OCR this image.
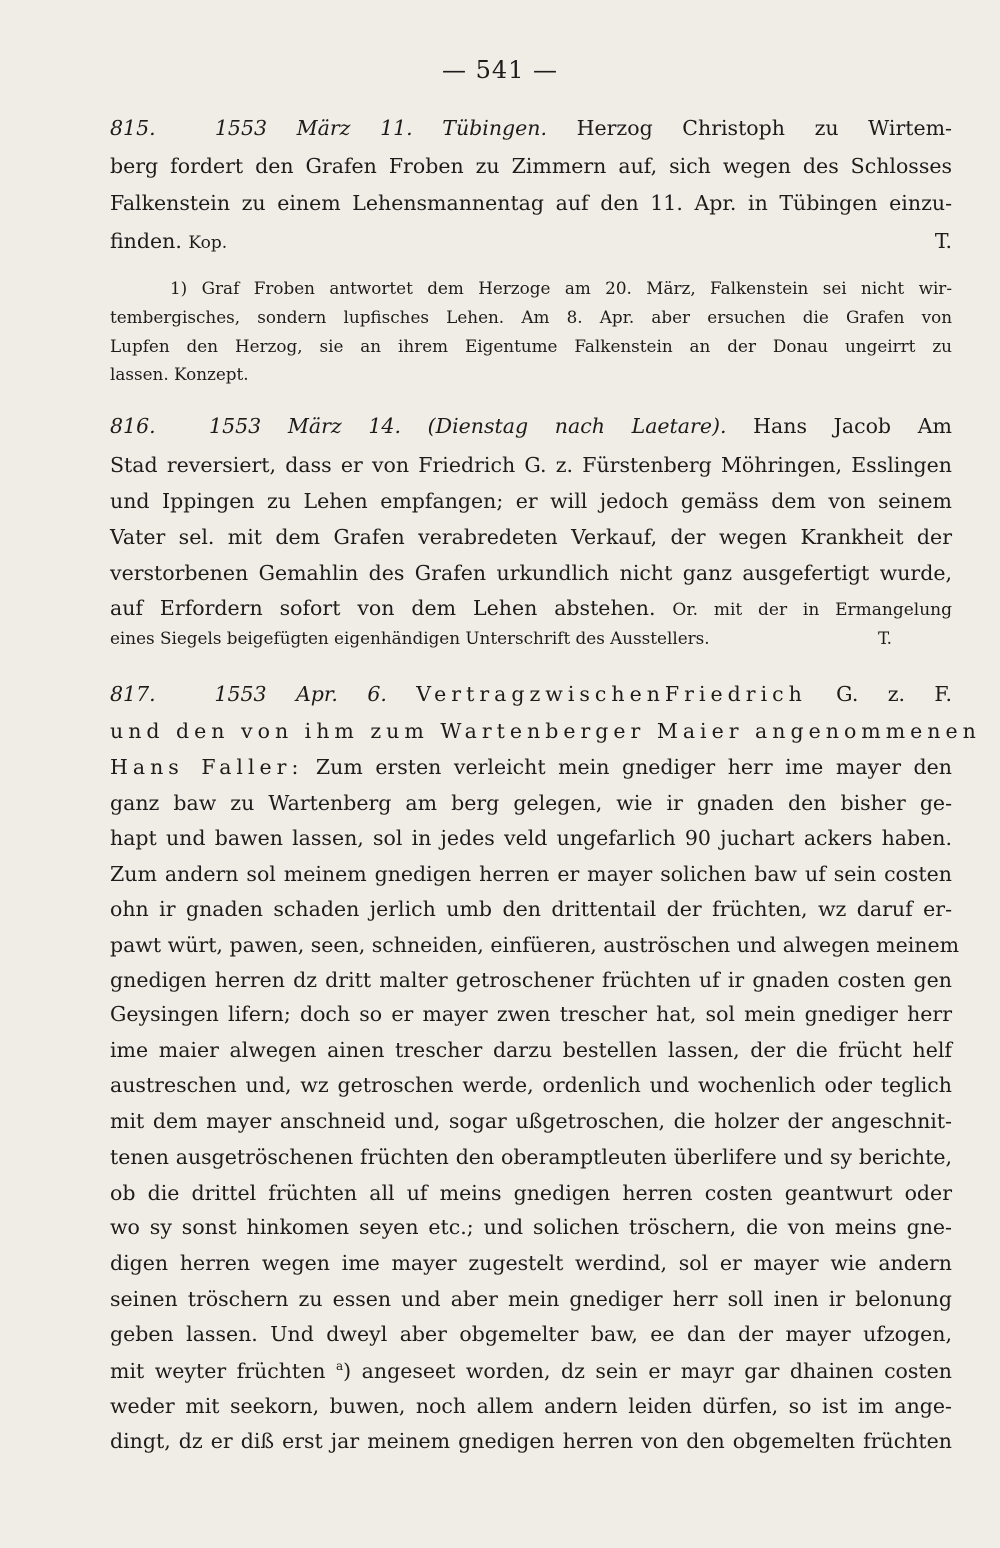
— 541 —
815.	1553 März 11. Tübingen. Herzog Christoph zu Wirtem-
berg fordert den Grafen Froben zu Zimmern auf, sich wegen des Schlosses
Falkenstein zu einem Lehensmannentag auf den 11. Apr. in Tübingen einzu-
finden. Kop.	T.
1) Graf Froben antwortet dem Herzoge am 20. März, Falkenstein sei nicht wir-
tembergisches, sondern lupfisches Lehen. Am 8. Apr. aber ersuchen die Grafen von
Lupfen den Herzog, sie an ihrem Eigentume Falkenstein an der Donau ungeirrt zu
lassen. Konzept.
816.	1553 März 14. (Dienstag nach Laetare). Hans Jacob Am
Stad reversiert, dass er von Friedrich G. z. Fürstenberg Möhringen, Esslingen
und Ippingen zu Lehen empfangen; er will jedoch gemäss dem von seinem
Vater sel. mit dem Grafen verabredeten Verkauf, der wegen Krankheit der
verstorbenen Gemahlin des Grafen urkundlich nicht ganz ausgefertigt wurde,
auf Erfordern sofort von dem Lehen abstehen. Or. mit der in Ermangelung
eines Siegels beigefügten eigenhändigen Unterschrift des Ausstellers.	T.
817.	1553 Apr. 6. VertragzwischenFriedrich G. z. F.
und den von ihm zum Wartenberger Maier angenommenen
Hans Faller: Zum ersten verleicht mein gnediger herr ime mayer den
ganz baw zu Wartenberg am berg gelegen, wie ir gnaden den bisher ge-
hapt und bawen lassen, sol in jedes veld ungefarlich 90 juchart ackers haben.
Zum andern sol meinem gnedigen herren er mayer solichen baw uf sein costen
ohn ir gnaden schaden jerlich umb den drittentail der früchten, wz daruf er-
pawt würt, pawen, seen, schneiden, einfüeren, auströschen und alwegen meinem
gnedigen herren dz dritt malter getroschener früchten uf ir gnaden costen gen
Geysingen lifern; doch so er mayer zwen trescher hat, sol mein gnediger herr
ime maier alwegen ainen trescher darzu bestellen lassen, der die frücht helf
austreschen und, wz getroschen werde, ordenlich und wochenlich oder teglich
mit dem mayer anschneid und, sogar ußgetroschen, die holzer der angeschnit-
tenen ausgetröschenen früchten den oberamptleuten überlifere und sy berichte,
ob die drittel früchten all uf meins gnedigen herren costen geantwurt oder
wo sy sonst hinkomen seyen etc.; und solichen tröschern, die von meins gne-
digen herren wegen ime mayer zugestelt werdind, sol er mayer wie andern
seinen tröschern zu essen und aber mein gnediger herr soll inen ir belonung
geben lassen. Und dweyl aber obgemelter baw, ee dan der mayer ufzogen,
mit weyter früchten $^a$) angeseet worden, dz sein er mayr gar dhainen costen
weder mit seekorn, buwen, noch allem andern leiden dürfen, so ist im ange-
dingt, dz er diß erst jar meinem gnedigen herren von den obgemelten früchten
